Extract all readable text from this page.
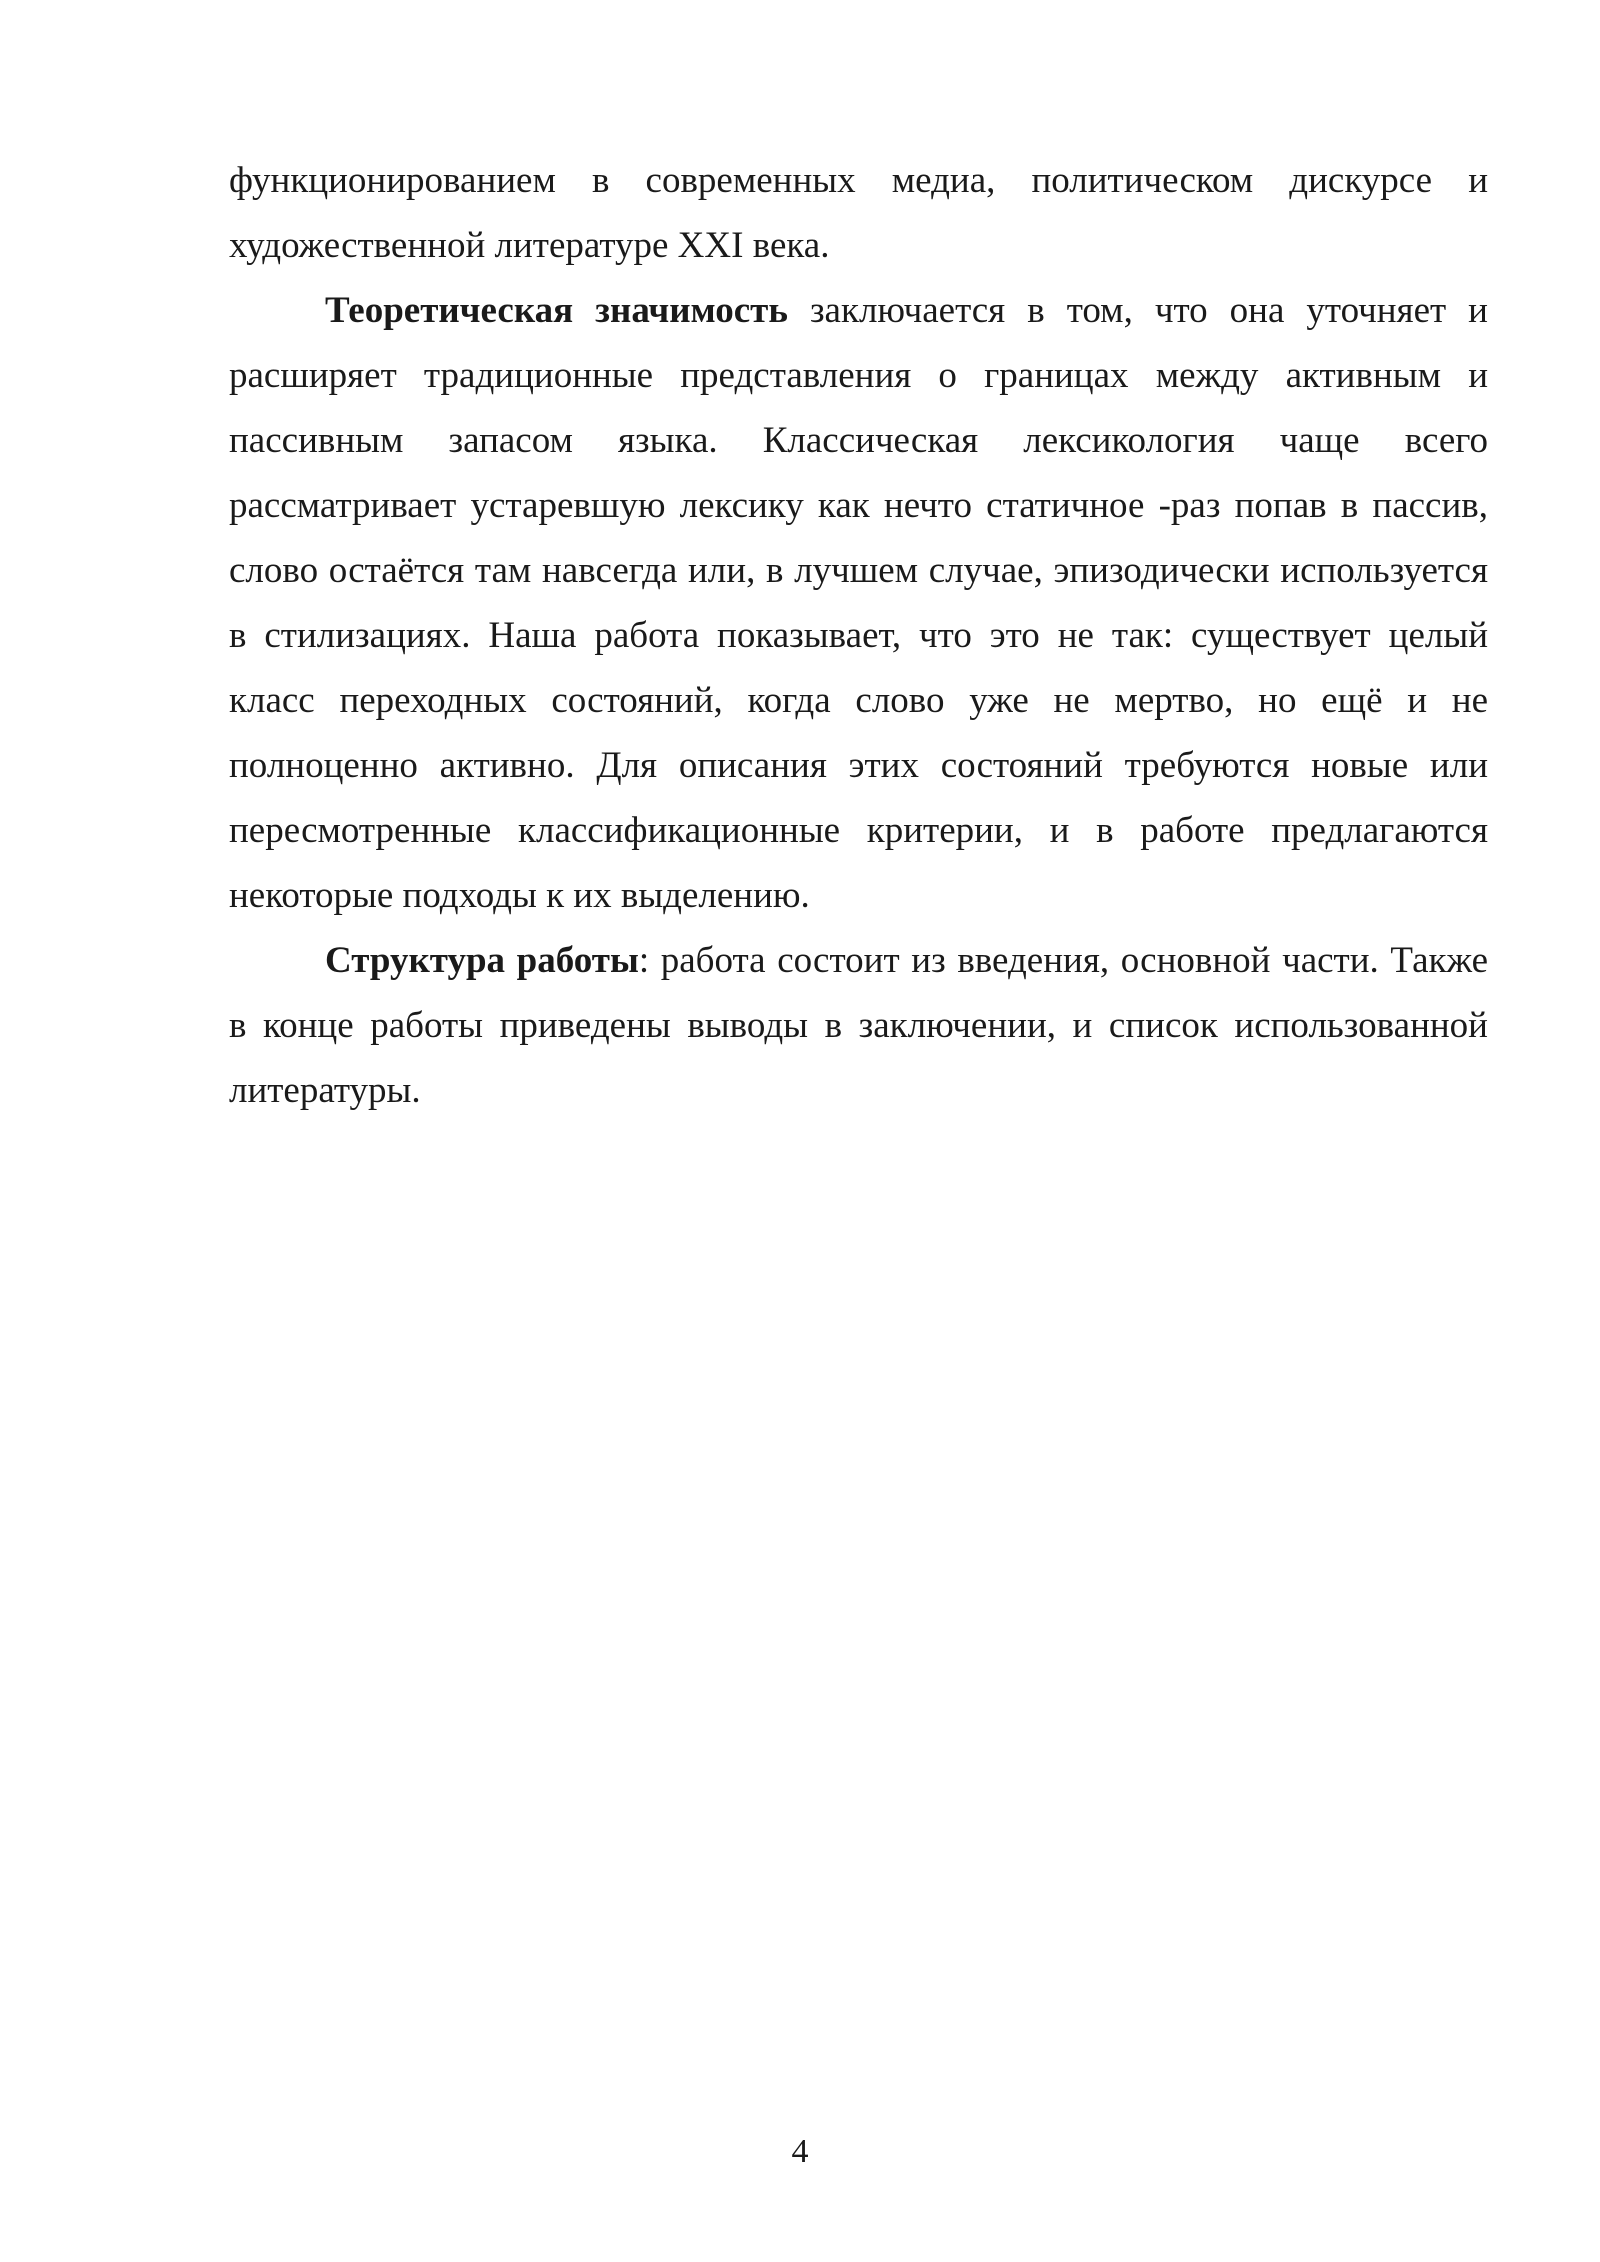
функционированием в современных медиа, политическом дискурсе и художественной литературе XXI века.

Теоретическая значимость заключается в том, что она уточняет и расширяет традиционные представления о границах между активным и пассивным запасом языка. Классическая лексикология чаще всего рассматривает устаревшую лексику как нечто статичное -раз попав в пассив, слово остаётся там навсегда или, в лучшем случае, эпизодически используется в стилизациях. Наша работа показывает, что это не так: существует целый класс переходных состояний, когда слово уже не мертво, но ещё и не полноценно активно. Для описания этих состояний требуются новые или пересмотренные классификационные критерии, и в работе предлагаются некоторые подходы к их выделению.

Структура работы: работа состоит из введения, основной части. Также в конце работы приведены выводы в заключении, и список использованной литературы.

4
